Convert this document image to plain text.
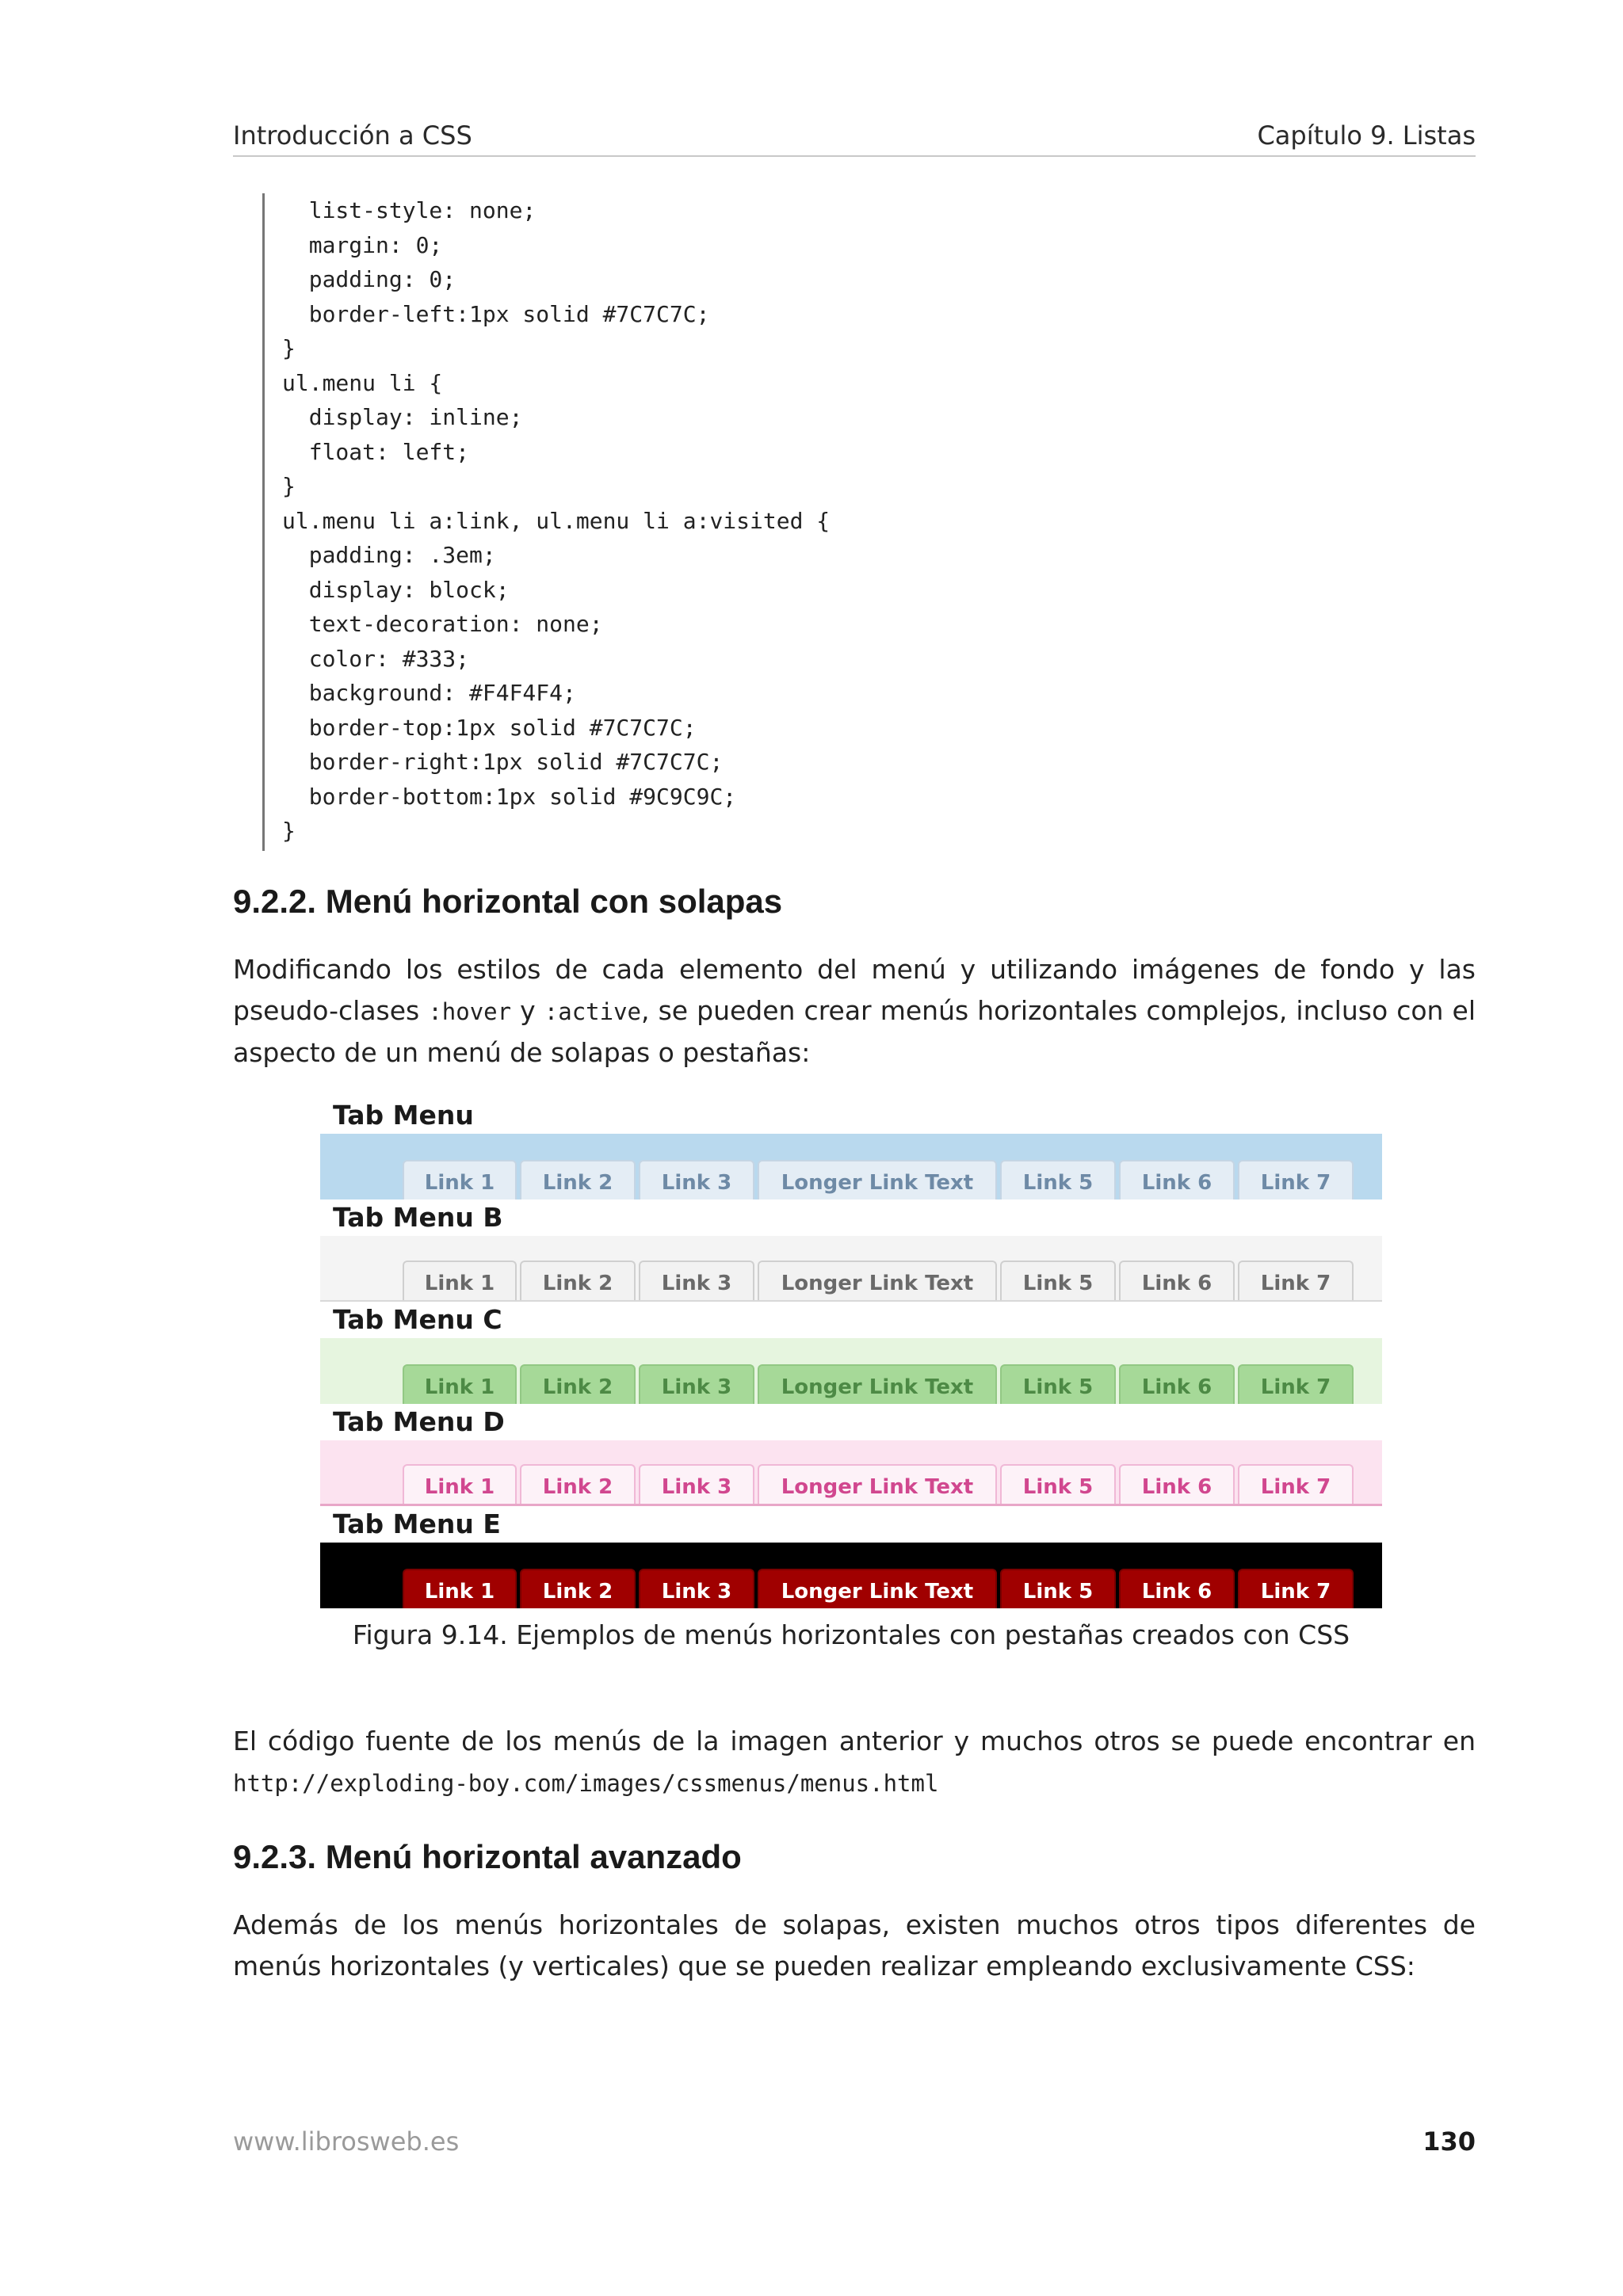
Introducción a CSS	Capítulo 9. Listas
list-style: none;
margin: 0;
padding: 0;
border-left:1px solid #7C7C7C;
}
ul.menu li {
display: inline;
float: left;
}
ul.menu li a:link, ul.menu li a:visited {
padding: .3em;
display: block;
text-decoration: none;
color: #333;
background: #F4F4F4;
border-top:1px solid #7C7C7C;
border-right:1px solid #7C7C7C;
border-bottom:1px solid #9C9C9C;
}
9.2.2. Menú horizontal con solapas

Modificando los estilos de cada elemento del menú y utilizando imágenes de fondo y las pseudo-clases :hover y :active, se pueden crear menús horizontales complejos, incluso con el aspecto de un menú de solapas o pestañas:

Tab Menu
Link 1	Link 2	Link 3	Longer Link Text	Link 5	Link 6	Link 7
Tab Menu B
Link 1	Link 2	Link 3	Longer Link Text	Link 5	Link 6	Link 7
Tab Menu C
Link 1	Link 2	Link 3	Longer Link Text	Link 5	Link 6	Link 7
Tab Menu D
Link 1	Link 2	Link 3	Longer Link Text	Link 5	Link 6	Link 7
Tab Menu E
Link 1	Link 2	Link 3	Longer Link Text	Link 5	Link 6	Link 7
Figura 9.14. Ejemplos de menús horizontales con pestañas creados con CSS

El código fuente de los menús de la imagen anterior y muchos otros se puede encontrar en http://exploding-boy.com/images/cssmenus/menus.html

9.2.3. Menú horizontal avanzado

Además de los menús horizontales de solapas, existen muchos otros tipos diferentes de menús horizontales (y verticales) que se pueden realizar empleando exclusivamente CSS:

www.librosweb.es	130
